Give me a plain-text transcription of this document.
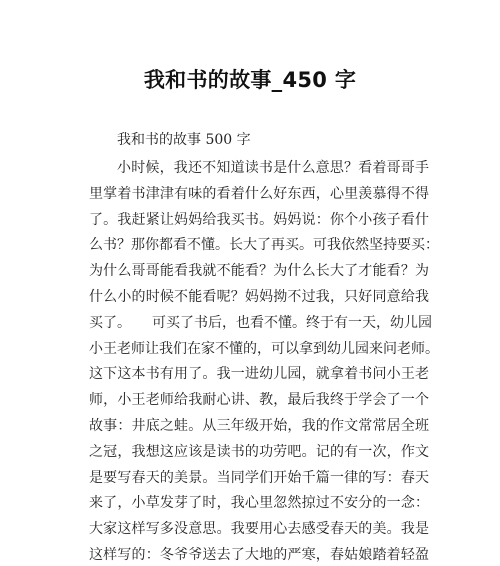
我和书的故事_450 字
我和书的故事 500 字
小时候，我还不知道读书是什么意思？看着哥哥手
里掌着书津津有味的看着什么好东西，心里羡慕得不得
了。我赶紧让妈妈给我买书。妈妈说：你个小孩子看什
么书？那你都看不懂。长大了再买。可我依然坚持要买：
为什么哥哥能看我就不能看？为什么长大了才能看？为
什么小的时候不能看呢？妈妈拗不过我，只好同意给我
买了。　　可买了书后，也看不懂。终于有一天，幼儿园
小王老师让我们在家不懂的，可以拿到幼儿园来问老师。
这下这本书有用了。我一进幼儿园，就拿着书问小王老
师，小王老师给我耐心讲、教，最后我终于学会了一个
故事：井底之蛙。从三年级开始，我的作文常常居全班
之冠，我想这应该是读书的功劳吧。记的有一次，作文
是要写春天的美景。当同学们开始千篇一律的写：春天
来了，小草发芽了时，我心里忽然掠过不安分的一念：
大家这样写多没意思。我要用心去感受春天的美。我是
这样写的：冬爷爷送去了大地的严寒，春姑娘踏着轻盈
